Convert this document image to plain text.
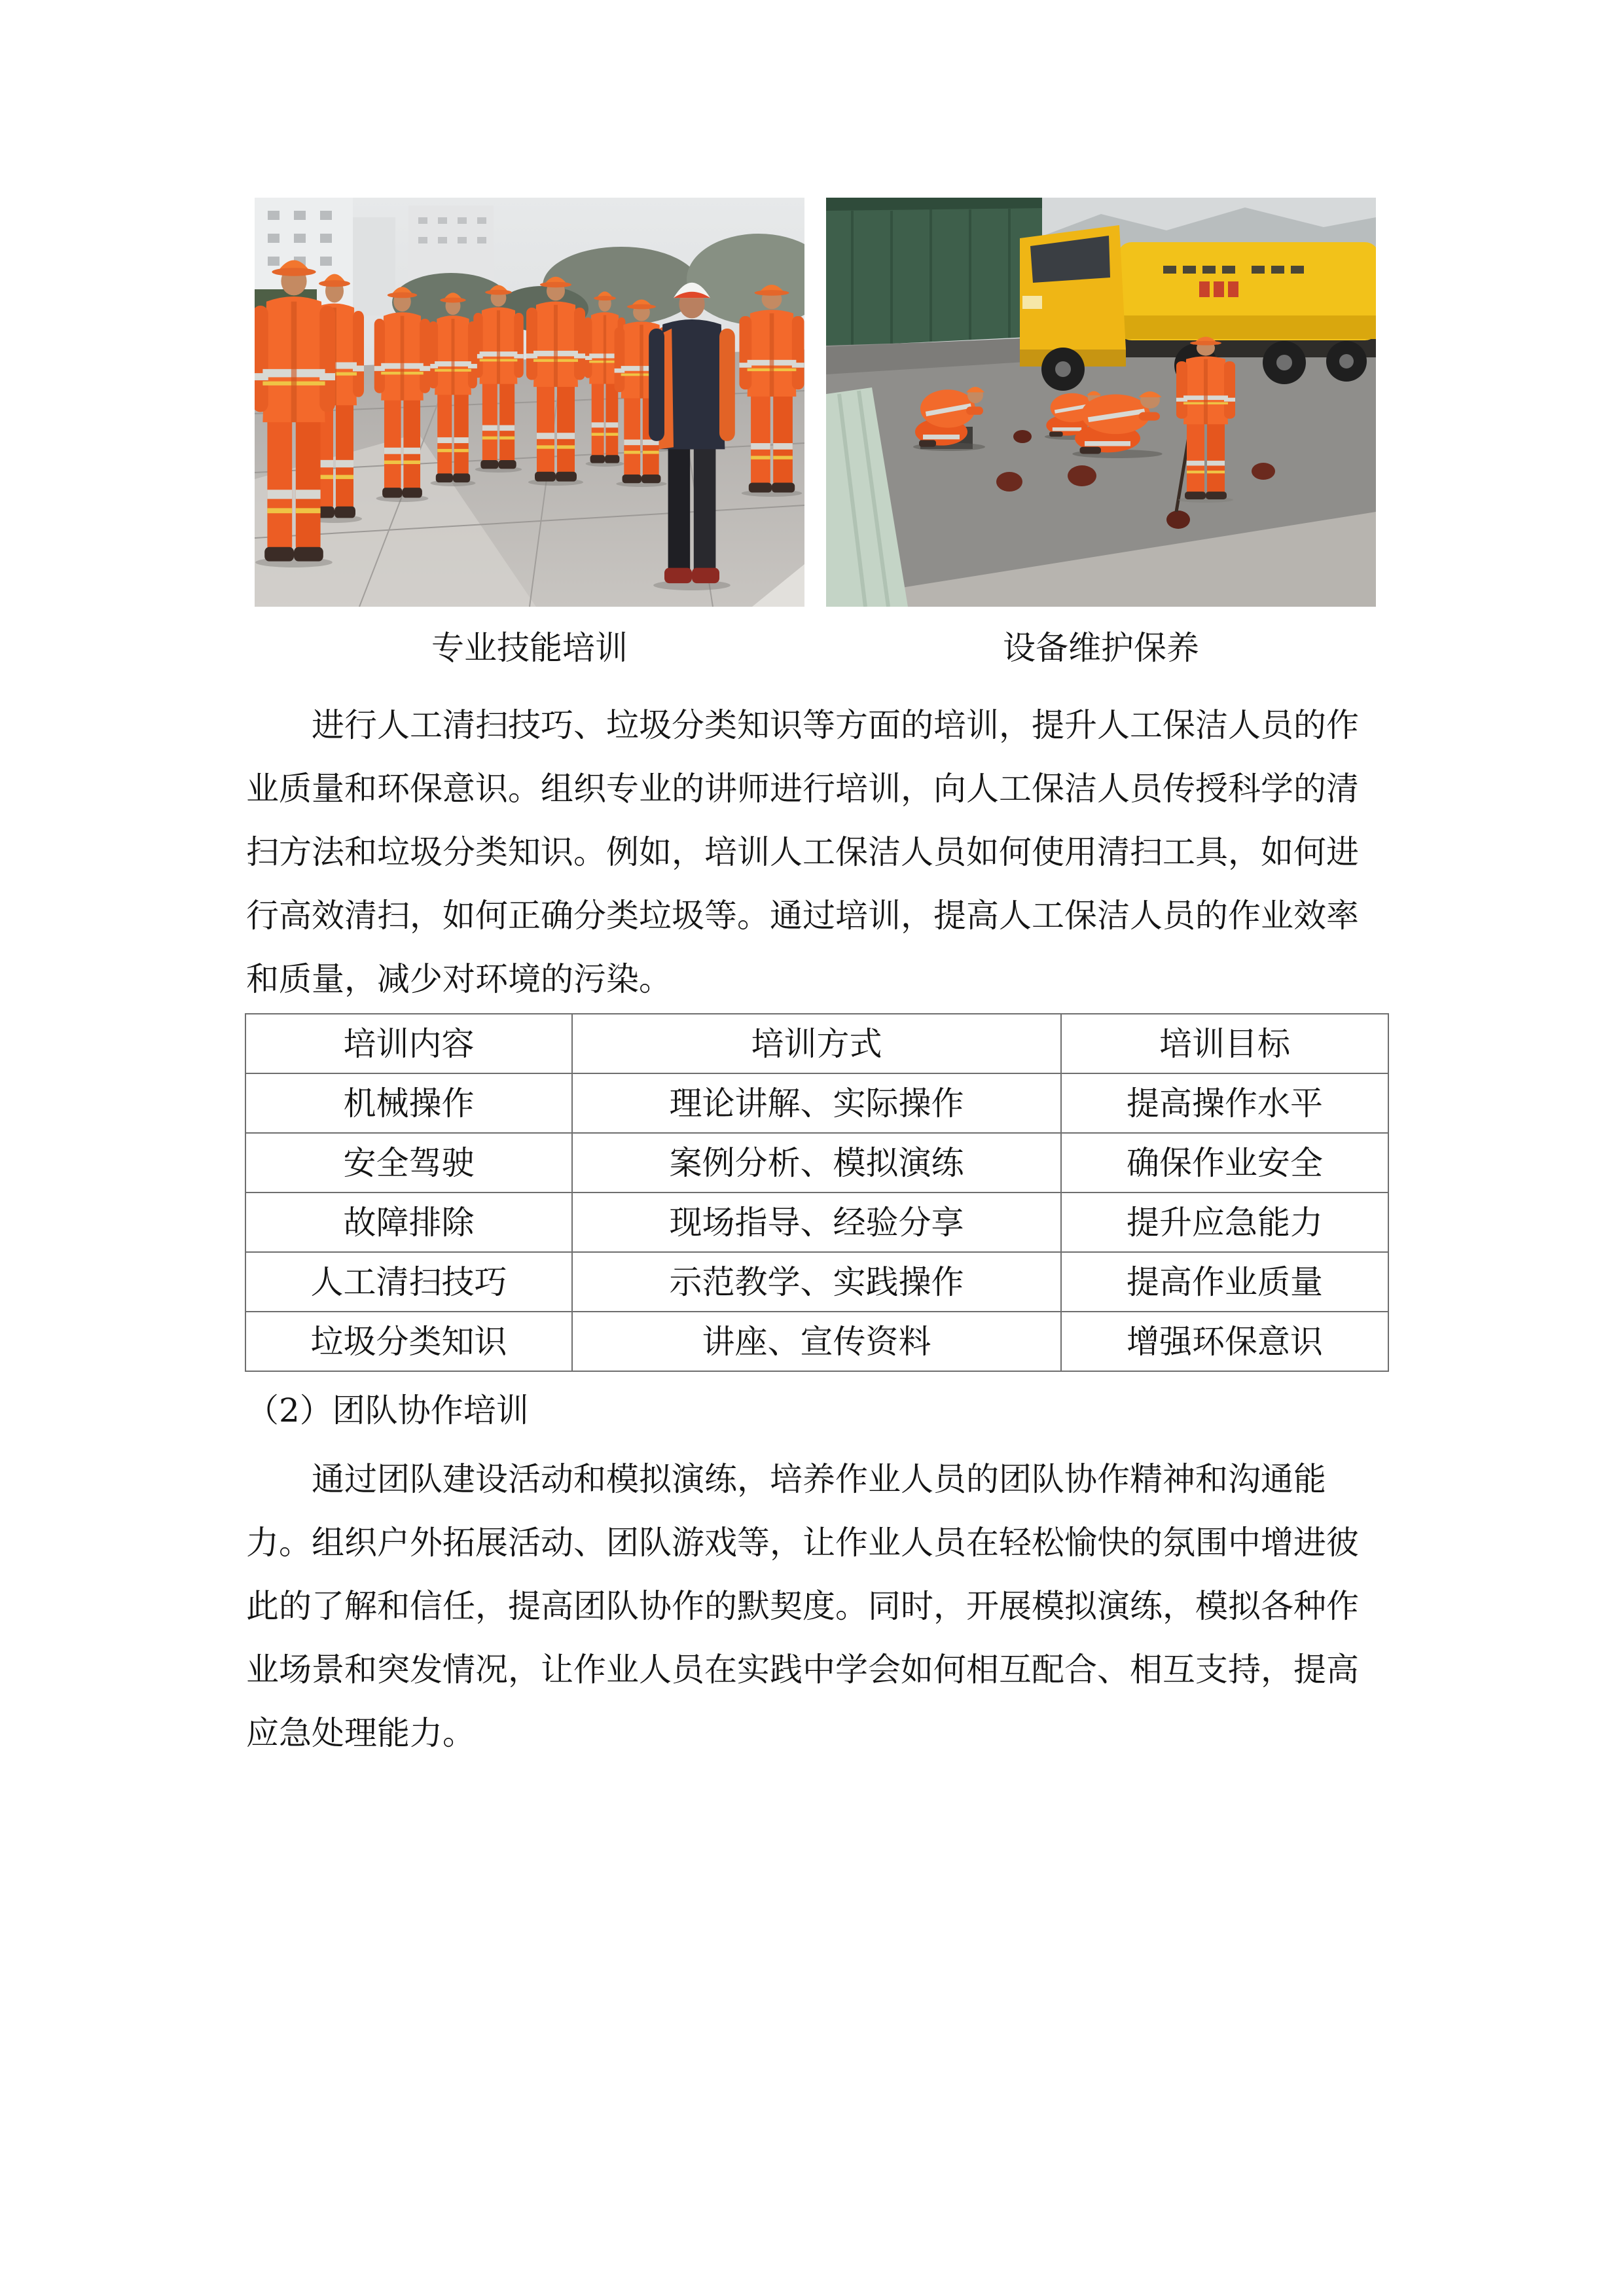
专业技能培训	设备维护保养
进行人工清扫技巧、垃圾分类知识等方面的培训，提升人工保洁人员的作
业质量和环保意识。组织专业的讲师进行培训，向人工保洁人员传授科学的清
扫方法和垃圾分类知识。例如，培训人工保洁人员如何使用清扫工具，如何进
行高效清扫，如何正确分类垃圾等。通过培训，提高人工保洁人员的作业效率
和质量，减少对环境的污染。
培训内容	培训方式	培训目标
机械操作	理论讲解、实际操作	提高操作水平
安全驾驶	案例分析、模拟演练	确保作业安全
故障排除	现场指导、经验分享	提升应急能力
人工清扫技巧	示范教学、实践操作	提高作业质量
垃圾分类知识	讲座、宣传资料	增强环保意识
（2）团队协作培训
通过团队建设活动和模拟演练，培养作业人员的团队协作精神和沟通能
力。组织户外拓展活动、团队游戏等，让作业人员在轻松愉快的氛围中增进彼
此的了解和信任，提高团队协作的默契度。同时，开展模拟演练，模拟各种作
业场景和突发情况，让作业人员在实践中学会如何相互配合、相互支持，提高
应急处理能力。
